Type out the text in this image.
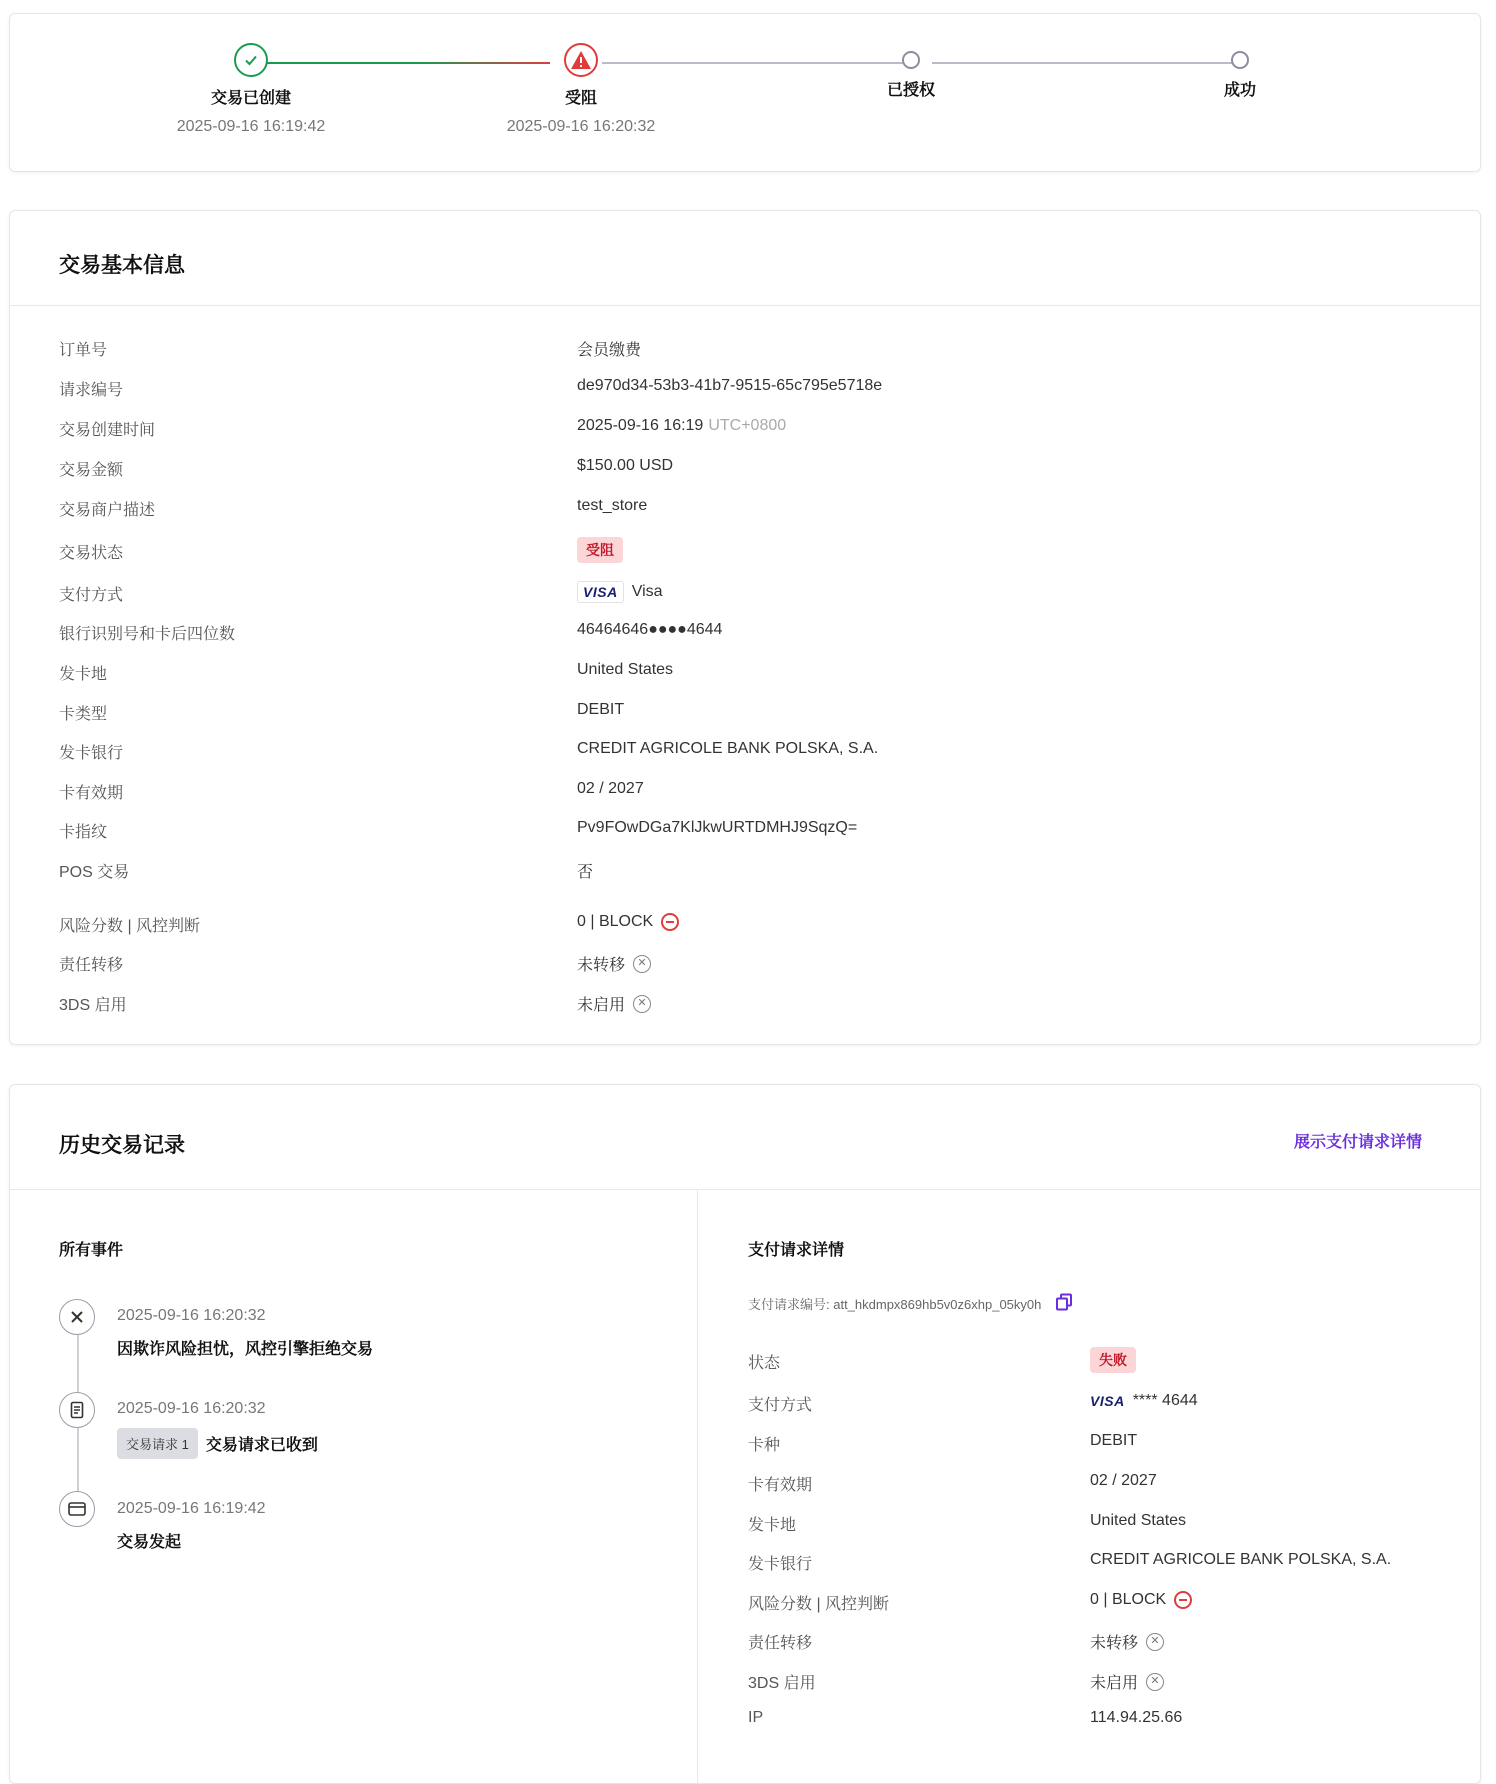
交易已创建
2025-09-16 16:19:42
受阻
2025-09-16 16:20:32
已授权	成功
交易基本信息
订单号	会员缴费
请求编号	de970d34-53b3-41b7-9515-65c795e5718e
交易创建时间	2025-09-16 16:19 UTC+0800
交易金额	$150.00 USD
交易商户描述	test_store
交易状态	受阻
支付方式	VISA Visa
银行识别号和卡后四位数	46464646●●●●4644
发卡地	United States
卡类型	DEBIT
发卡银行	CREDIT AGRICOLE BANK POLSKA, S.A.
卡有效期	02 / 2027
卡指纹	Pv9FOwDGa7KlJkwURTDMHJ9SqzQ=
POS 交易	否
风险分数 | 风控判断	0 | BLOCK
责任转移	未转移	✕
3DS 启用	未启用	✕
历史交易记录	展示支付请求详情
所有事件
2025-09-16 16:20:32
因欺诈风险担忧，风控引擎拒绝交易
2025-09-16 16:20:32
交易请求 1	交易请求已收到
2025-09-16 16:19:42
交易发起
支付请求详情
支付请求编号: att_hkdmpx869hb5v0z6xhp_05ky0h
状态	失败
支付方式	VISA **** 4644
卡种	DEBIT
卡有效期	02 / 2027
发卡地	United States
发卡银行	CREDIT AGRICOLE BANK POLSKA, S.A.
风险分数 | 风控判断	0 | BLOCK
责任转移	未转移	✕
3DS 启用	未启用	✕
IP	114.94.25.66
